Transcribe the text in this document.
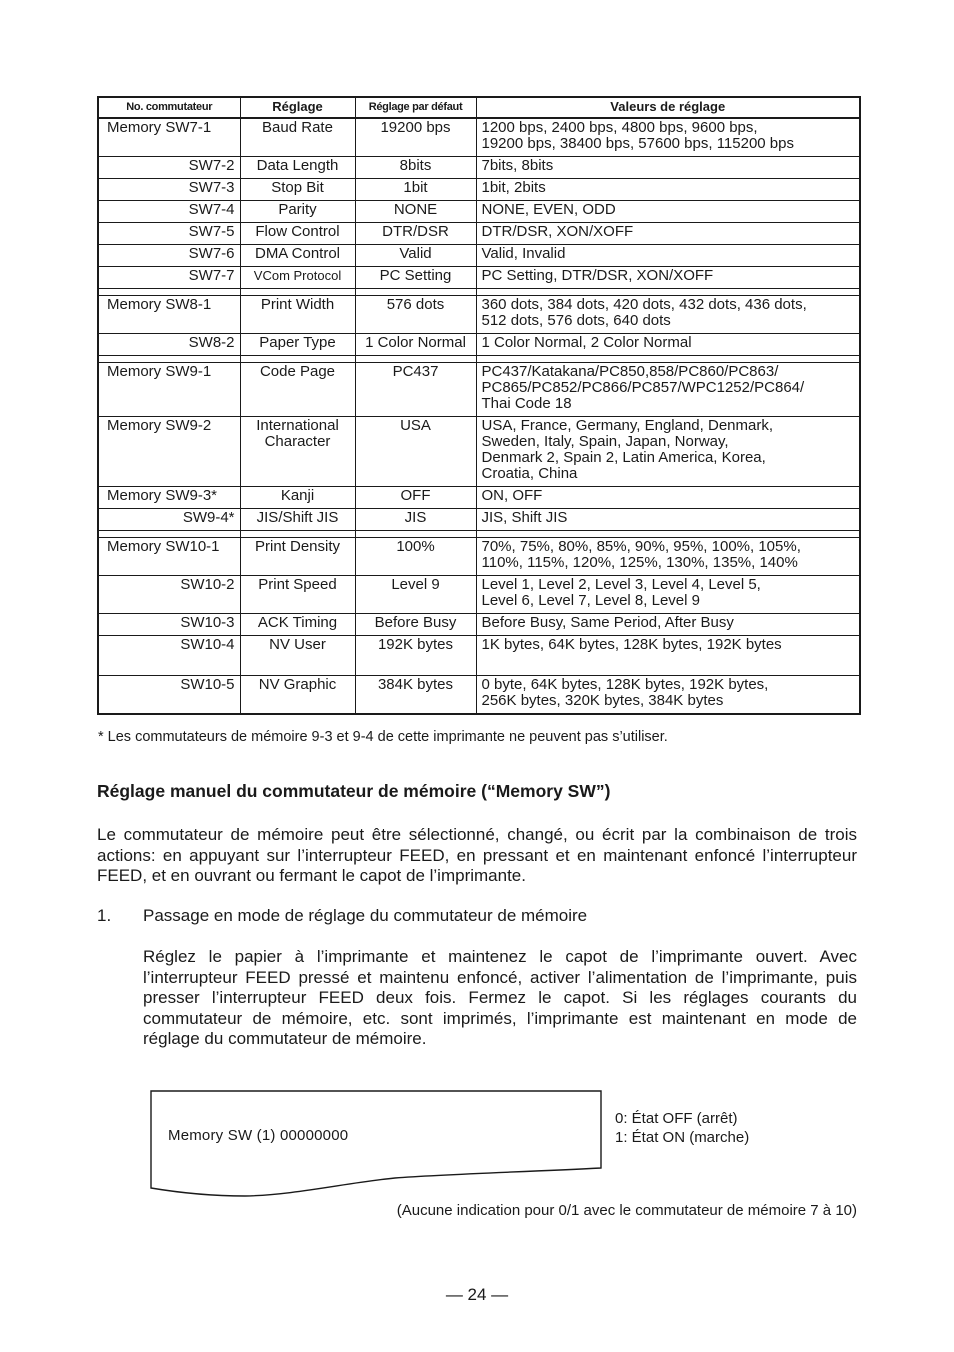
No. commutateur	Réglage	Réglage par défaut	Valeurs de réglage
Memory SW7-1	Baud Rate	19200 bps	1200 bps, 2400 bps, 4800 bps, 9600 bps,
19200 bps, 38400 bps, 57600 bps, 115200 bps

SW7-2	Data Length	8bits	7bits, 8bits

SW7-3	Stop Bit	1bit	1bit, 2bits

SW7-4	Parity	NONE	NONE, EVEN, ODD

SW7-5	Flow Control	DTR/DSR	DTR/DSR, XON/XOFF

SW7-6	DMA Control	Valid	Valid, Invalid

SW7-7	VCom Protocol	PC Setting	PC Setting, DTR/DSR, XON/XOFF

Memory SW8-1	Print Width	576 dots	360 dots, 384 dots, 420 dots, 432 dots, 436 dots,
512 dots, 576 dots, 640 dots

SW8-2	Paper Type	1 Color Normal	1 Color Normal, 2 Color Normal

Memory SW9-1	Code Page	PC437	PC437/Katakana/PC850,858/PC860/PC863/
PC865/PC852/PC866/PC857/WPC1252/PC864/
Thai Code 18

Memory SW9-2	International Character	USA	USA, France, Germany, England, Denmark,
Sweden, Italy, Spain, Japan, Norway,
Denmark 2, Spain 2, Latin America, Korea,
Croatia, China

Memory SW9-3*	Kanji	OFF	ON, OFF

SW9-4*	JIS/Shift JIS	JIS	JIS, Shift JIS

Memory SW10-1	Print Density	100%	70%, 75%, 80%, 85%, 90%, 95%, 100%, 105%,
110%, 115%, 120%, 125%, 130%, 135%, 140%

SW10-2	Print Speed	Level 9	Level 1, Level 2, Level 3, Level 4, Level 5,
Level 6, Level 7, Level 8, Level 9

SW10-3	ACK Timing	Before Busy	Before Busy, Same Period, After Busy

SW10-4	NV User	192K bytes	1K bytes, 64K bytes, 128K bytes, 192K bytes

SW10-5	NV Graphic	384K bytes	0 byte, 64K bytes, 128K bytes, 192K bytes,
256K bytes, 320K bytes, 384K bytes
* Les commutateurs de mémoire 9-3 et 9-4 de cette imprimante ne peuvent pas s’utiliser.
Réglage manuel du commutateur de mémoire (“Memory SW”)

Le commutateur de mémoire peut être sélectionné, changé, ou écrit par la combinaison de trois actions: en appuyant sur l’interrupteur FEED, en pressant et en maintenant enfoncé l’interrupteur FEED, et en ouvrant ou fermant le capot de l’imprimante.

1. Passage en mode de réglage du commutateur de mémoire

Réglez le papier à l’imprimante et maintenez le capot de l’imprimante ouvert. Avec l’interrupteur FEED pressé et maintenu enfoncé, activer l’alimentation de l’imprimante, puis presser l’interrupteur FEED deux fois. Fermez le capot. Si les réglages courants du commutateur de mémoire, etc. sont imprimés, l’imprimante est maintenant en mode de réglage du commutateur de mémoire.

Memory SW (1) 00000000
0: État OFF (arrêt)
1: État ON (marche)
(Aucune indication pour 0/1 avec le commutateur de mémoire 7 à 10)
— 24 —
